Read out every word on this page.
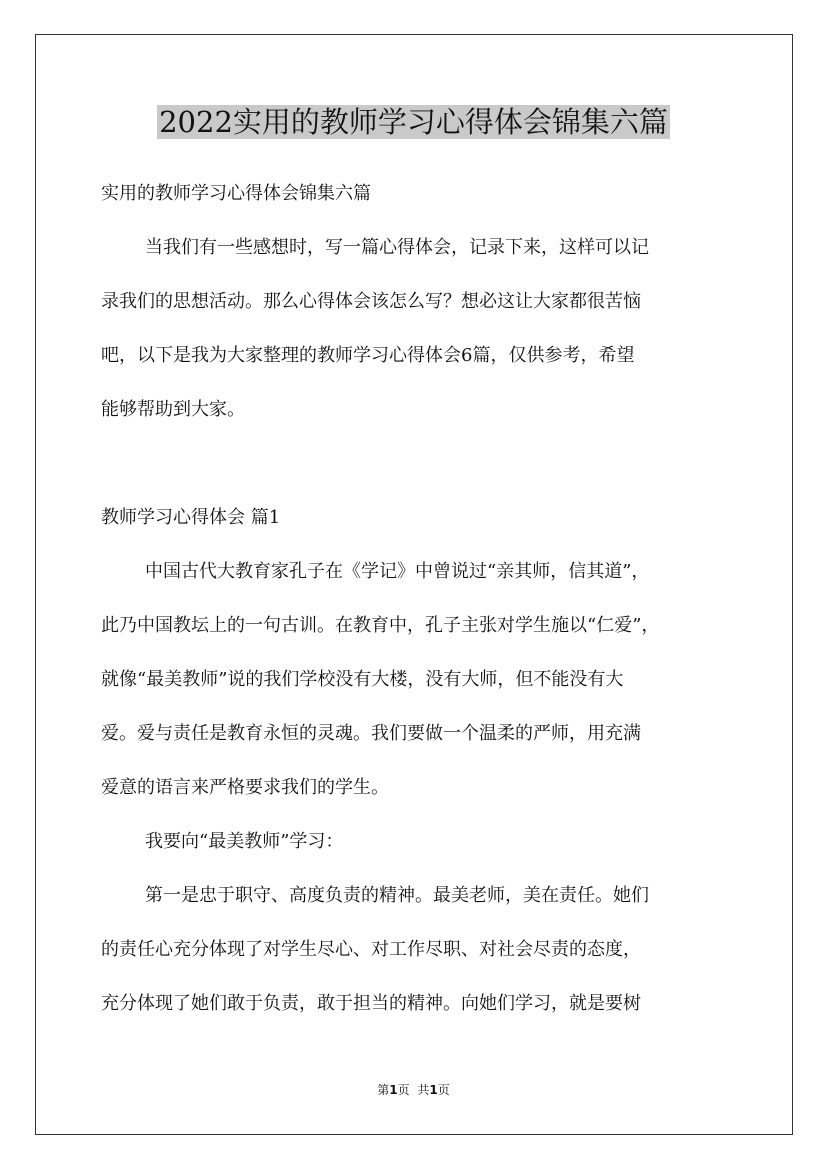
2022实用的教师学习心得体会锦集六篇

实用的教师学习心得体会锦集六篇

当我们有一些感想时，写一篇心得体会，记录下来，这样可以记

录我们的思想活动。那么心得体会该怎么写？想必这让大家都很苦恼

吧，以下是我为大家整理的教师学习心得体会6篇，仅供参考，希望

能够帮助到大家。

教师学习心得体会 篇1

中国古代大教育家孔子在《学记》中曾说过“亲其师，信其道”，

此乃中国教坛上的一句古训。在教育中，孔子主张对学生施以“仁爱”，

就像“最美教师”说的我们学校没有大楼，没有大师，但不能没有大

爱。爱与责任是教育永恒的灵魂。我们要做一个温柔的严师，用充满

爱意的语言来严格要求我们的学生。

我要向“最美教师”学习：

第一是忠于职守、高度负责的精神。最美老师，美在责任。她们

的责任心充分体现了对学生尽心、对工作尽职、对社会尽责的态度，

充分体现了她们敢于负责，敢于担当的精神。向她们学习，就是要树

第1页 共1页
